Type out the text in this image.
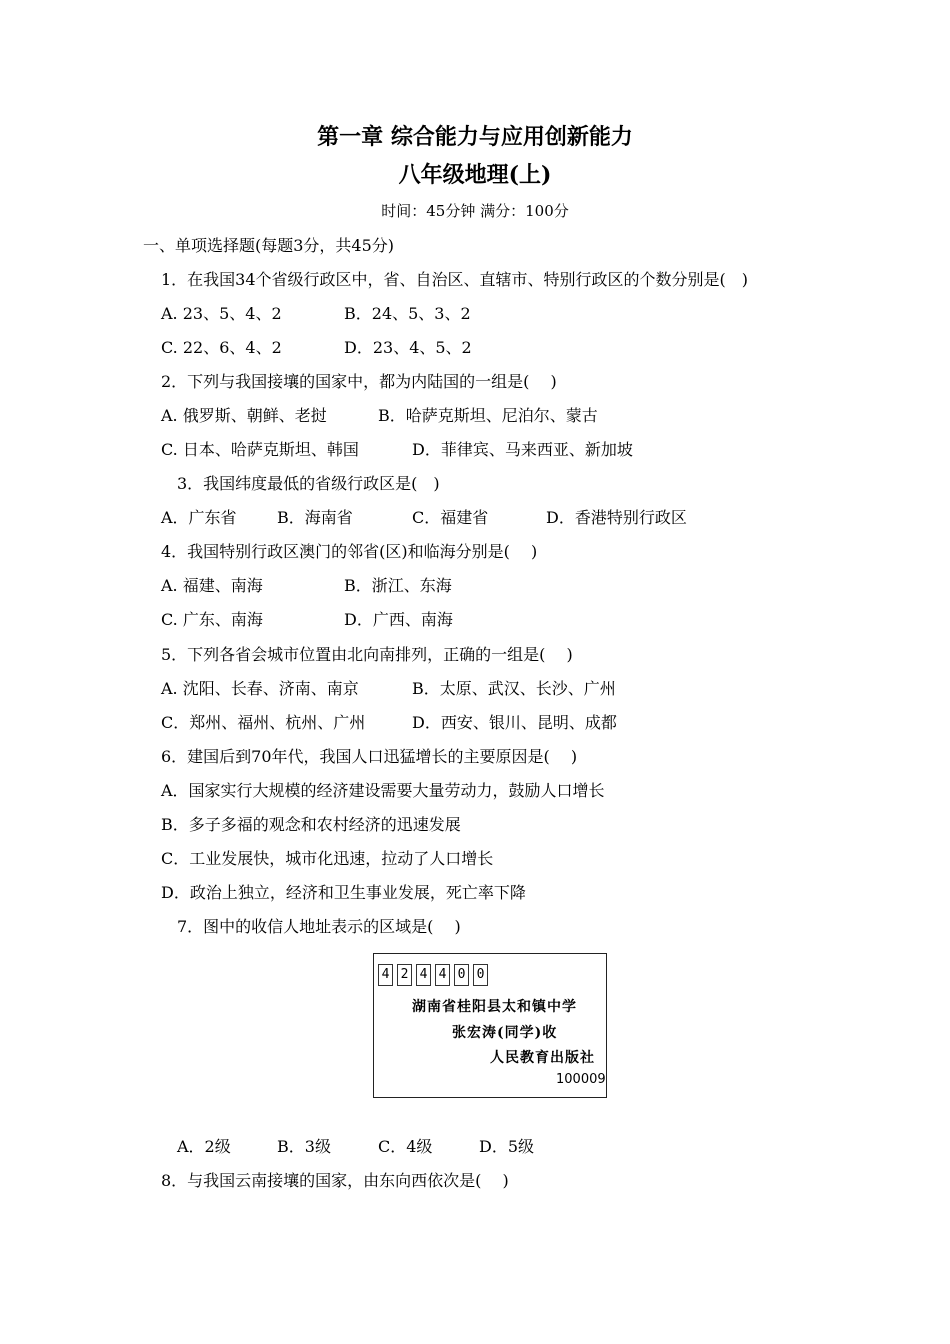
第一章 综合能力与应用创新能力
八年级地理(上)
时间：45分钟 满分：100分
一、单项选择题(每题3分，共45分)
1．在我国34个省级行政区中，省、自治区、直辖市、特别行政区的个数分别是(　)
A. 23、5、4、2	B．24、5、3、2
C. 22、6、4、2	D．23、4、5、2
2．下列与我国接壤的国家中，都为内陆国的一组是(　 )
A. 俄罗斯、朝鲜、老挝	B．哈萨克斯坦、尼泊尔、蒙古
C. 日本、哈萨克斯坦、韩国	D．菲律宾、马来西亚、新加坡
3．我国纬度最低的省级行政区是(　)
A．广东省	B．海南省	C．福建省	D．香港特别行政区
4．我国特别行政区澳门的邻省(区)和临海分别是(　 )
A. 福建、南海	B．浙江、东海
C. 广东、南海	D．广西、南海
5．下列各省会城市位置由北向南排列，正确的一组是(　 )
A. 沈阳、长春、济南、南京	B．太原、武汉、长沙、广州
C．郑州、福州、杭州、广州	D．西安、银川、昆明、成都
6．建国后到70年代，我国人口迅猛增长的主要原因是(　 )
A．国家实行大规模的经济建设需要大量劳动力，鼓励人口增长
B．多子多福的观念和农村经济的迅速发展
C．工业发展快，城市化迅速，拉动了人口增长
D．政治上独立，经济和卫生事业发展，死亡率下降
7．图中的收信人地址表示的区域是(　 )
4 2 4 4 0 0
湖南省桂阳县太和镇中学
张宏涛(同学)收
人民教育出版社
100009
A．2级	B．3级	C．4级	D．5级
8．与我国云南接壤的国家，由东向西依次是(　 )
